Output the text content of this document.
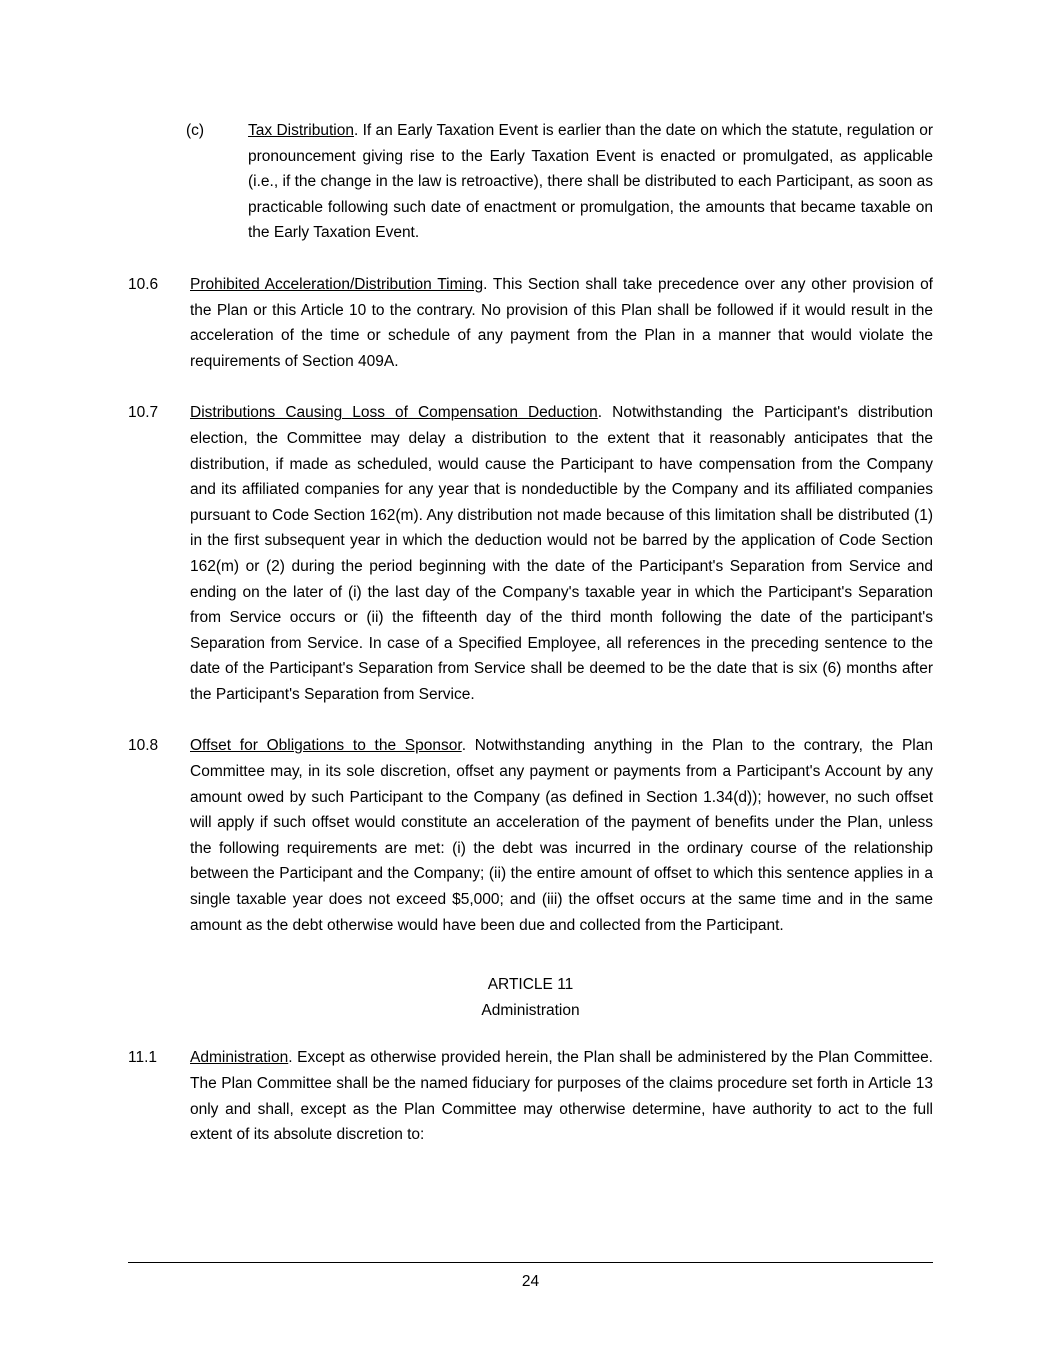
(c)	Tax Distribution. If an Early Taxation Event is earlier than the date on which the statute, regulation or pronouncement giving rise to the Early Taxation Event is enacted or promulgated, as applicable (i.e., if the change in the law is retroactive), there shall be distributed to each Participant, as soon as practicable following such date of enactment or promulgation, the amounts that became taxable on the Early Taxation Event.
10.6	Prohibited Acceleration/Distribution Timing. This Section shall take precedence over any other provision of the Plan or this Article 10 to the contrary. No provision of this Plan shall be followed if it would result in the acceleration of the time or schedule of any payment from the Plan in a manner that would violate the requirements of Section 409A.
10.7	Distributions Causing Loss of Compensation Deduction. Notwithstanding the Participant's distribution election, the Committee may delay a distribution to the extent that it reasonably anticipates that the distribution, if made as scheduled, would cause the Participant to have compensation from the Company and its affiliated companies for any year that is nondeductible by the Company and its affiliated companies pursuant to Code Section 162(m). Any distribution not made because of this limitation shall be distributed (1) in the first subsequent year in which the deduction would not be barred by the application of Code Section 162(m) or (2) during the period beginning with the date of the Participant's Separation from Service and ending on the later of (i) the last day of the Company's taxable year in which the Participant's Separation from Service occurs or (ii) the fifteenth day of the third month following the date of the participant's Separation from Service. In case of a Specified Employee, all references in the preceding sentence to the date of the Participant's Separation from Service shall be deemed to be the date that is six (6) months after the Participant's Separation from Service.
10.8	Offset for Obligations to the Sponsor. Notwithstanding anything in the Plan to the contrary, the Plan Committee may, in its sole discretion, offset any payment or payments from a Participant's Account by any amount owed by such Participant to the Company (as defined in Section 1.34(d)); however, no such offset will apply if such offset would constitute an acceleration of the payment of benefits under the Plan, unless the following requirements are met: (i) the debt was incurred in the ordinary course of the relationship between the Participant and the Company; (ii) the entire amount of offset to which this sentence applies in a single taxable year does not exceed $5,000; and (iii) the offset occurs at the same time and in the same amount as the debt otherwise would have been due and collected from the Participant.
ARTICLE 11
Administration
11.1	Administration. Except as otherwise provided herein, the Plan shall be administered by the Plan Committee. The Plan Committee shall be the named fiduciary for purposes of the claims procedure set forth in Article 13 only and shall, except as the Plan Committee may otherwise determine, have authority to act to the full extent of its absolute discretion to:
24
